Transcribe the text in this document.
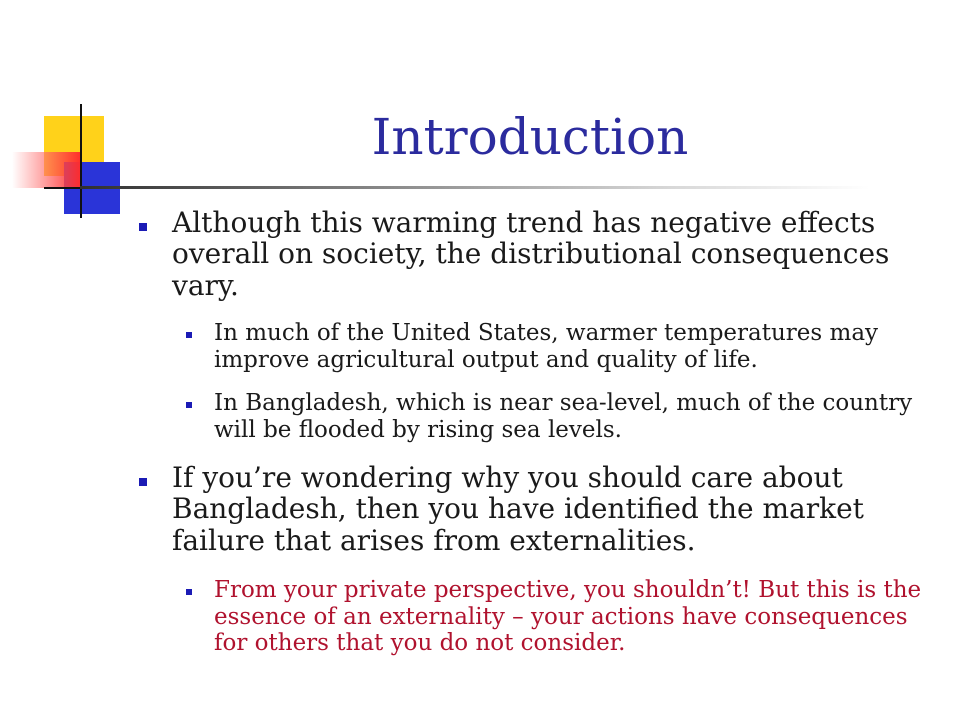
Introduction
Although this warming trend has negative effects overall on society, the distributional consequences vary.
In much of the United States, warmer temperatures may improve agricultural output and quality of life.
In Bangladesh, which is near sea-level, much of the country will be flooded by rising sea levels.
If you’re wondering why you should care about Bangladesh, then you have identified the market failure that arises from externalities.
From your private perspective, you shouldn’t! But this is the essence of an externality – your actions have consequences for others that you do not consider.
